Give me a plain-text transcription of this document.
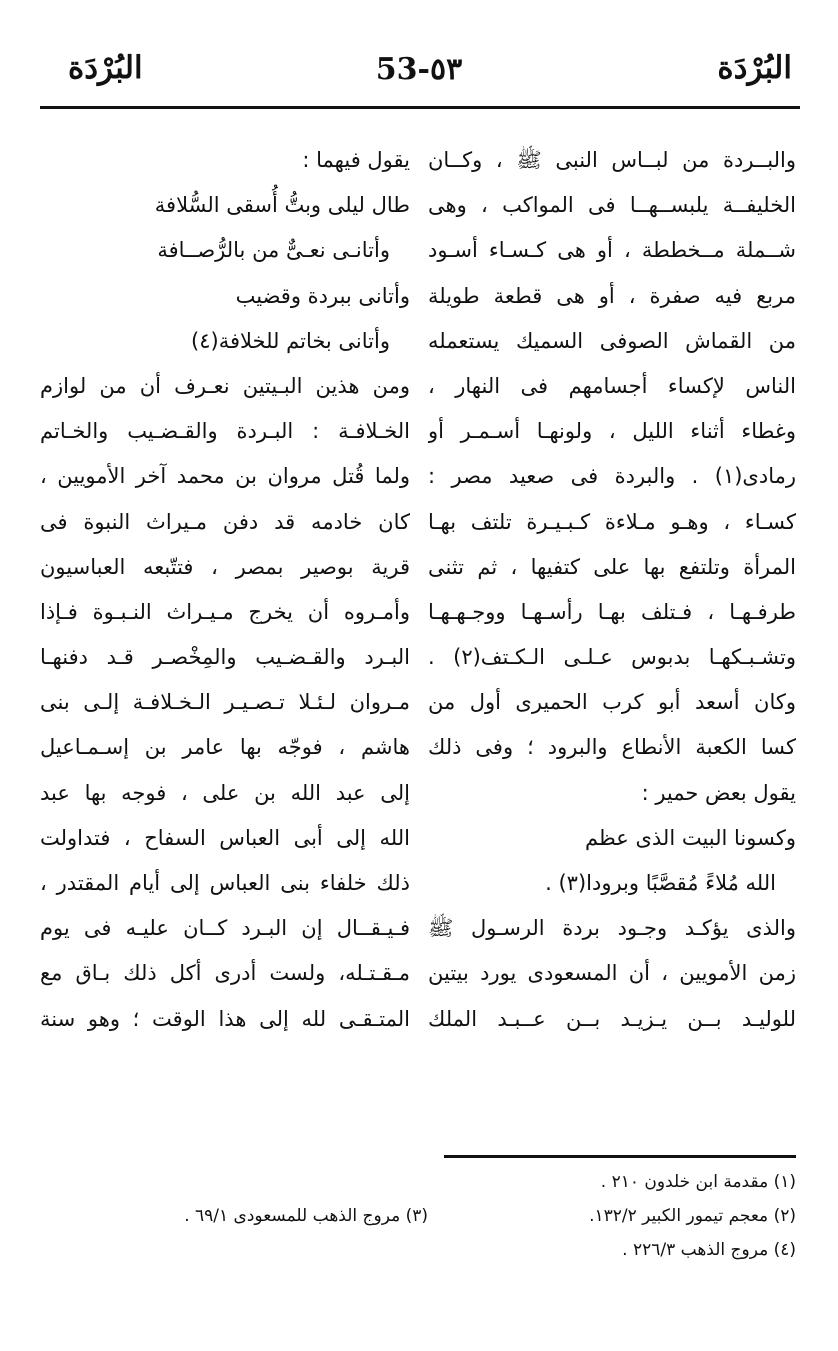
البُرْدَة
53-٥٣
البُرْدَة
والبــردة من لبــاس النبى ﷺ ، وكــان
الخليفــة يلبســهــا فى المواكب ، وهى
شــملة مــخططة ، أو هى كـسـاء أسـود
مربع فيه صفرة ، أو هى قطعة طويلة
من القماش الصوفى السميك يستعمله
الناس لإكساء أجسامهم فى النهار ،
وغطاء أثناء الليل ، ولونهـا أسـمـر أو
رمادى(١) . والبردة فى صعيد مصر :
كسـاء ، وهـو مـلاءة كـبـيـرة تلتف بهـا
المرأة وتلتفع بها على كتفيها ، ثم تثنى
طرفـهـا ، فـتلف بهـا رأسـهـا ووجـهـهـا
وتشـبـكهـا بدبوس عـلـى الـكـتف(٢) .
وكان أسعد أبو كرب الحميرى أول من
كسا الكعبة الأنطاع والبرود ؛ وفى ذلك
يقول بعض حمير :
وكسونا البيت الذى عظم
الله مُلاءً مُقصَّبًا وبرودا(٣) .
والذى يؤكـد وجـود بردة الرسـول ﷺ
زمن الأمويين ، أن المسعودى يورد بيتين
للوليـد بــن يـزيـد بــن عــبـد الملك
يقول فيهما :
طال ليلى وبتُّ أُسقى السُّلافة
وأتانـى نعـىٌّ من بالرُّصــافة
وأتانى ببردة وقضيب
وأتانى بخاتم للخلافة(٤)
ومن هذين البـيتين نعـرف أن من لوازم
الخـلافـة : البـردة والقـضـيب والخـاتم
ولما قُتل مروان بن محمد آخر الأمويين ،
كان خادمه قد دفن مـيراث النبوة فى
قرية بوصير بمصر ، فتتّبعه العباسيون
وأمـروه أن يخرج مـيـراث النـبـوة فـإذا
البـرد والقـضـيب والمِخْصـر قـد دفنهـا
مـروان لـئـلا تـصـيـر الـخـلافـة إلـى بنى
هاشم ، فوجّه بها عامر بن إسـمـاعيل
إلى عبد الله بن على ، فوجه بها عبد
الله إلى أبى العباس السفاح ، فتداولت
ذلك خلفاء بنى العباس إلى أيام المقتدر ،
فـيـقــال إن البـرد كــان عليـه فى يوم
مـقـتـله، ولست أدرى أكل ذلك بـاق مع
المتـقـى لله إلى هذا الوقت ؛ وهو سنة
(١) مقدمة ابن خلدون ٢١٠ .
(٢) معجم تيمور الكبير ١٣٢/٢.
(٣) مروج الذهب للمسعودى ٦٩/١ .
(٤) مروج الذهب ٢٢٦/٣ .
